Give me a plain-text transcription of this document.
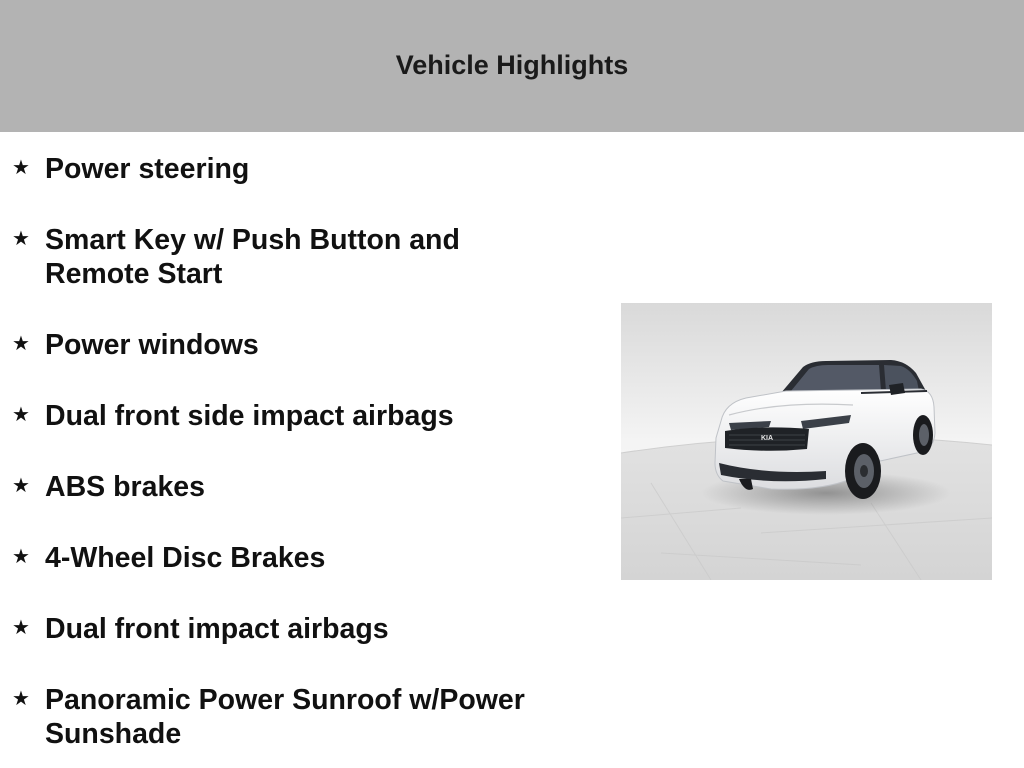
Vehicle Highlights
★ Power steering
★ Smart Key w/ Push Button and Remote Start
★ Power windows
★ Dual front side impact airbags
★ ABS brakes
★ 4-Wheel Disc Brakes
★ Dual front impact airbags
★ Panoramic Power Sunroof w/Power Sunshade
KIA
